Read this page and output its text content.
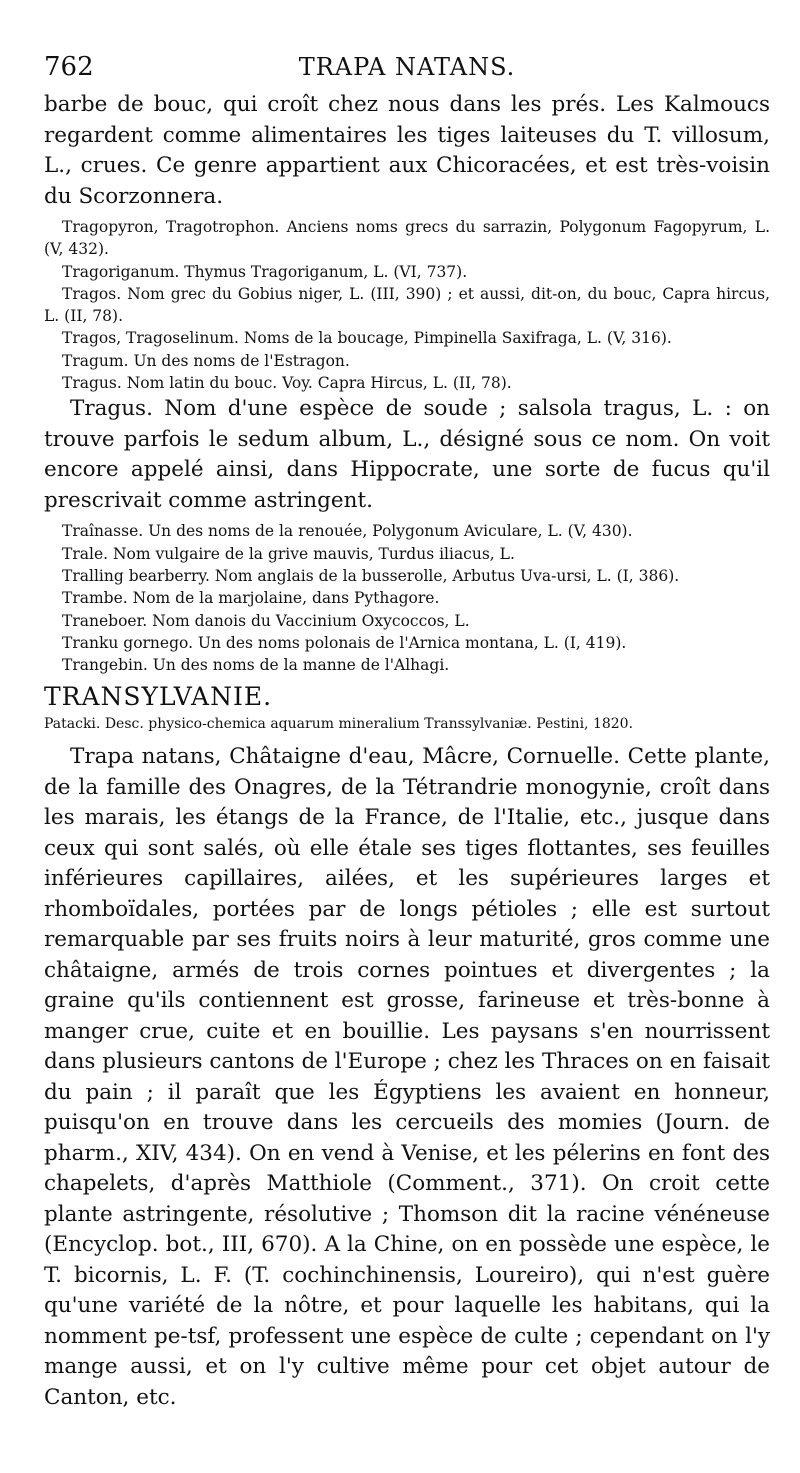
762	TRAPA NATANS.

barbe de bouc, qui croît chez nous dans les prés. Les Kalmoucs regardent comme alimentaires les tiges laiteuses du T. villosum, L., crues. Ce genre appartient aux Chicoracées, et est très-voisin du Scorzonnera.

Tragopyron, Tragotrophon. Anciens noms grecs du sarrazin, Polygonum Fagopyrum, L. (V, 432).

Tragoriganum. Thymus Tragoriganum, L. (VI, 737).

Tragos. Nom grec du Gobius niger, L. (III, 390) ; et aussi, dit-on, du bouc, Capra hircus, L. (II, 78).

Tragos, Tragoselinum. Noms de la boucage, Pimpinella Saxifraga, L. (V, 316).

Tragum. Un des noms de l'Estragon.

Tragus. Nom latin du bouc. Voy. Capra Hircus, L. (II, 78).

Tragus. Nom d'une espèce de soude ; salsola tragus, L. : on trouve parfois le sedum album, L., désigné sous ce nom. On voit encore appelé ainsi, dans Hippocrate, une sorte de fucus qu'il prescrivait comme astringent.

Traînasse. Un des noms de la renouée, Polygonum Aviculare, L. (V, 430).

Trale. Nom vulgaire de la grive mauvis, Turdus iliacus, L.

Tralling bearberry. Nom anglais de la busserolle, Arbutus Uva-ursi, L. (I, 386).

Trambe. Nom de la marjolaine, dans Pythagore.

Traneboer. Nom danois du Vaccinium Oxycoccos, L.

Tranku gornego. Un des noms polonais de l'Arnica montana, L. (I, 419).

Trangebin. Un des noms de la manne de l'Alhagi.

TRANSYLVANIE.

Patacki. Desc. physico-chemica aquarum mineralium Transsylvaniæ. Pestini, 1820.

Trapa natans, Châtaigne d'eau, Mâcre, Cornuelle. Cette plante, de la famille des Onagres, de la Tétrandrie monogynie, croît dans les marais, les étangs de la France, de l'Italie, etc., jusque dans ceux qui sont salés, où elle étale ses tiges flottantes, ses feuilles inférieures capillaires, ailées, et les supérieures larges et rhomboïdales, portées par de longs pétioles ; elle est surtout remarquable par ses fruits noirs à leur maturité, gros comme une châtaigne, armés de trois cornes pointues et divergentes ; la graine qu'ils contiennent est grosse, farineuse et très-bonne à manger crue, cuite et en bouillie. Les paysans s'en nourrissent dans plusieurs cantons de l'Europe ; chez les Thraces on en faisait du pain ; il paraît que les Égyptiens les avaient en honneur, puisqu'on en trouve dans les cercueils des momies (Journ. de pharm., XIV, 434). On en vend à Venise, et les pélerins en font des chapelets, d'après Matthiole (Comment., 371). On croit cette plante astringente, résolutive ; Thomson dit la racine vénéneuse (Encyclop. bot., III, 670). A la Chine, on en possède une espèce, le T. bicornis, L. F. (T. cochinchinensis, Loureiro), qui n'est guère qu'une variété de la nôtre, et pour laquelle les habitans, qui la nomment pe-tsf, professent une espèce de culte ; cependant on l'y mange aussi, et on l'y cultive même pour cet objet autour de Canton, etc.
